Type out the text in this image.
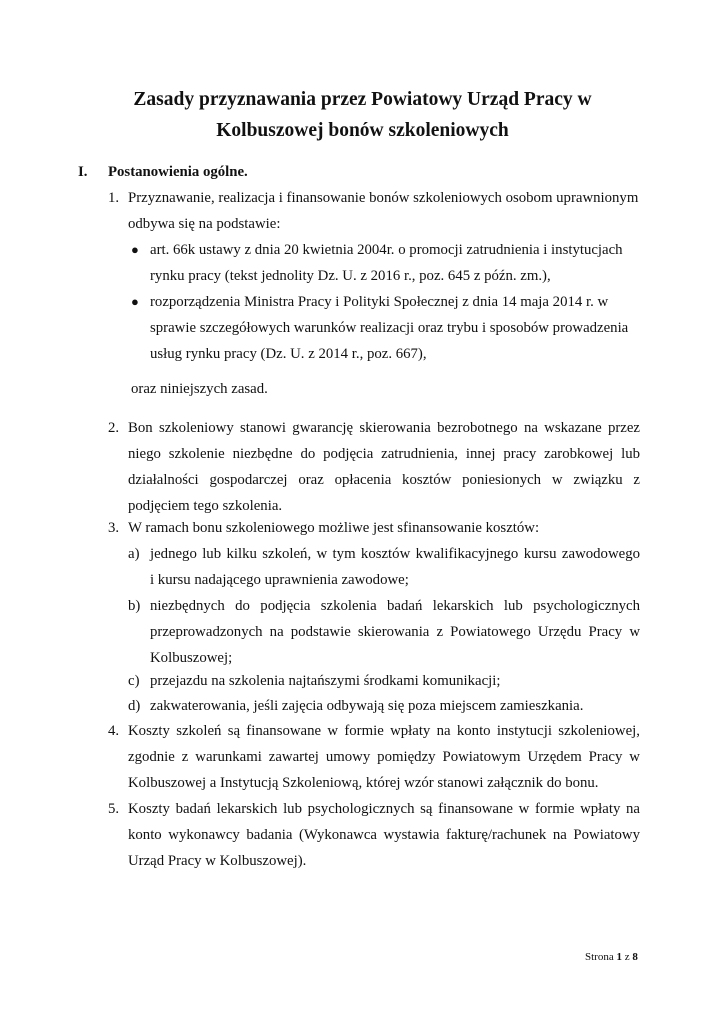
Zasady przyznawania przez Powiatowy Urząd Pracy w
Kolbuszowej bonów szkoleniowych
I. Postanowienia ogólne.
1. Przyznawanie, realizacja i finansowanie bonów szkoleniowych osobom uprawnionym
odbywa się na podstawie:
● art. 66k ustawy z dnia 20 kwietnia 2004r. o promocji zatrudnienia i instytucjach
rynku pracy (tekst jednolity Dz. U. z 2016 r., poz. 645 z późn. zm.),
● rozporządzenia Ministra Pracy i Polityki Społecznej z dnia 14 maja 2014 r. w
sprawie szczegółowych warunków realizacji oraz trybu i sposobów prowadzenia
usług rynku pracy (Dz. U. z 2014 r., poz. 667),
oraz niniejszych zasad.
2. Bon szkoleniowy stanowi gwarancję skierowania bezrobotnego na wskazane przez
niego szkolenie niezbędne do podjęcia zatrudnienia, innej pracy zarobkowej lub
działalności gospodarczej oraz opłacenia kosztów poniesionych w związku z
podjęciem tego szkolenia.
3. W ramach bonu szkoleniowego możliwe jest sfinansowanie kosztów:
a) jednego lub kilku szkoleń, w tym kosztów kwalifikacyjnego kursu zawodowego
i kursu nadającego uprawnienia zawodowe;
b) niezbędnych do podjęcia szkolenia badań lekarskich lub psychologicznych
przeprowadzonych na podstawie skierowania z Powiatowego Urzędu Pracy w
Kolbuszowej;
c) przejazdu na szkolenia najtańszymi środkami komunikacji;
d) zakwaterowania, jeśli zajęcia odbywają się poza miejscem zamieszkania.
4. Koszty szkoleń są finansowane w formie wpłaty na konto instytucji szkoleniowej,
zgodnie z warunkami zawartej umowy pomiędzy Powiatowym Urzędem Pracy w
Kolbuszowej a Instytucją Szkoleniową, której wzór stanowi załącznik do bonu.
5. Koszty badań lekarskich lub psychologicznych są finansowane w formie wpłaty na
konto wykonawcy badania (Wykonawca wystawia fakturę/rachunek na Powiatowy
Urząd Pracy w Kolbuszowej).
Strona 1 z 8
